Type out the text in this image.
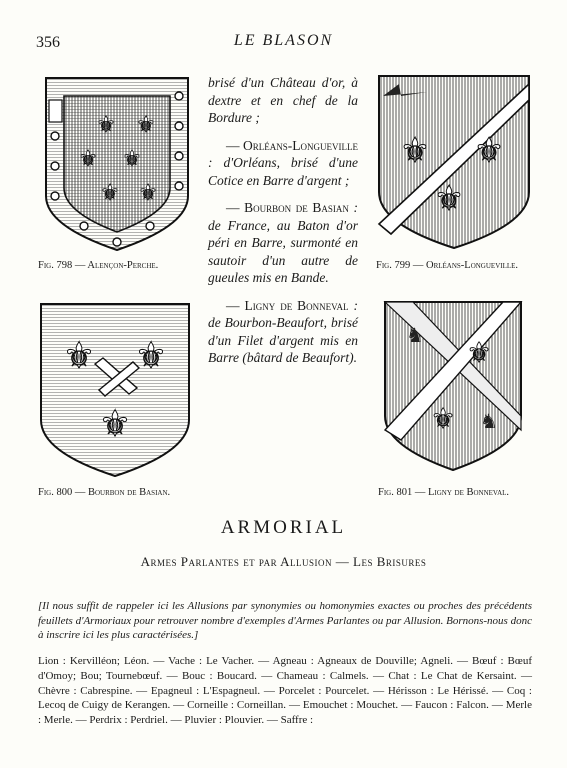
356	LE BLASON
⚜ ⚜
⚜ ⚜
⚜ ⚜
⚜ ⚜
⚜
⚜ ⚜
⚜
⚜
⚜
♞
♞
Fig. 798 — Alençon-Perche.	Fig. 799 — Orléans-Longueville.
Fig. 800 — Bourbon de Basian.	Fig. 801 — Ligny de Bonneval.

brisé d'un Château d'or, à dextre et en chef de la Bordure ;

— Orléans-Longueville : d'Orléans, brisé d'une Cotice en Barre d'argent ;

— Bourbon de Basian : de France, au Baton d'or péri en Barre, surmonté en sautoir d'un autre de gueules mis en Bande.

— Ligny de Bonneval : de Bourbon-Beaufort, brisé d'un Filet d'argent mis en Barre (bâtard de Beaufort).

ARMORIAL
Armes Parlantes et par Allusion — Les Brisures
[Il nous suffit de rappeler ici les Allusions par synonymies ou homonymies exactes ou proches des précédents feuillets d'Armoriaux pour retrouver nombre d'exemples d'Armes Parlantes ou par Allusion. Bornons-nous donc à inscrire ici les plus caractérisées.]
Lion : Kervilléon; Léon. — Vache : Le Vacher. — Agneau : Agneaux de Douville; Agneli. — Bœuf : Bœuf d'Omoy; Bou; Tournebœuf. — Bouc : Boucard. — Chameau : Calmels. — Chat : Le Chat de Kersaint. — Chèvre : Cabrespine. — Epagneul : L'Espagneul. — Porcelet : Pourcelet. — Hérisson : Le Hérissé. — Coq : Lecoq de Cuigy de Kerangen. — Corneille : Corneillan. — Emouchet : Mouchet. — Faucon : Falcon. — Merle : Merle. — Perdrix : Perdriel. — Pluvier : Plouvier. — Saffre :
